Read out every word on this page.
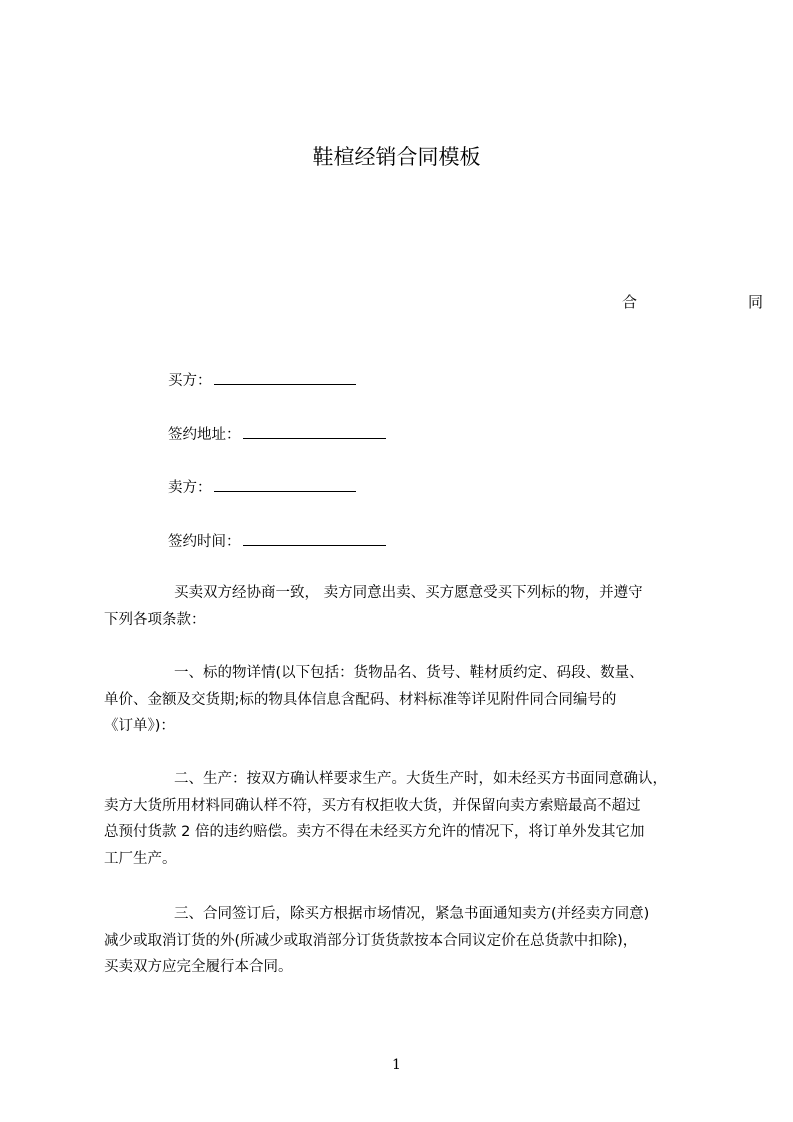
鞋楦经销合同模板
合	同
买方：
签约地址：
卖方：
签约时间：
买卖双方经协商一致， 卖方同意出卖、买方愿意受买下列标的物，并遵守
下列各项条款：
一、标的物详情(以下包括：货物品名、货号、鞋材质约定、码段、数量、
单价、金额及交货期;标的物具体信息含配码、材料标准等详见附件同合同编号的
《订单》)：
二、生产：按双方确认样要求生产。大货生产时，如未经买方书面同意确认，
卖方大货所用材料同确认样不符，买方有权拒收大货，并保留向卖方索赔最高不超过
总预付货款 2 倍的违约赔偿。卖方不得在未经买方允许的情况下，将订单外发其它加
工厂生产。
三、合同签订后，除买方根据市场情况，紧急书面通知卖方(并经卖方同意)
减少或取消订货的外(所减少或取消部分订货货款按本合同议定价在总货款中扣除)，
买卖双方应完全履行本合同。
1
